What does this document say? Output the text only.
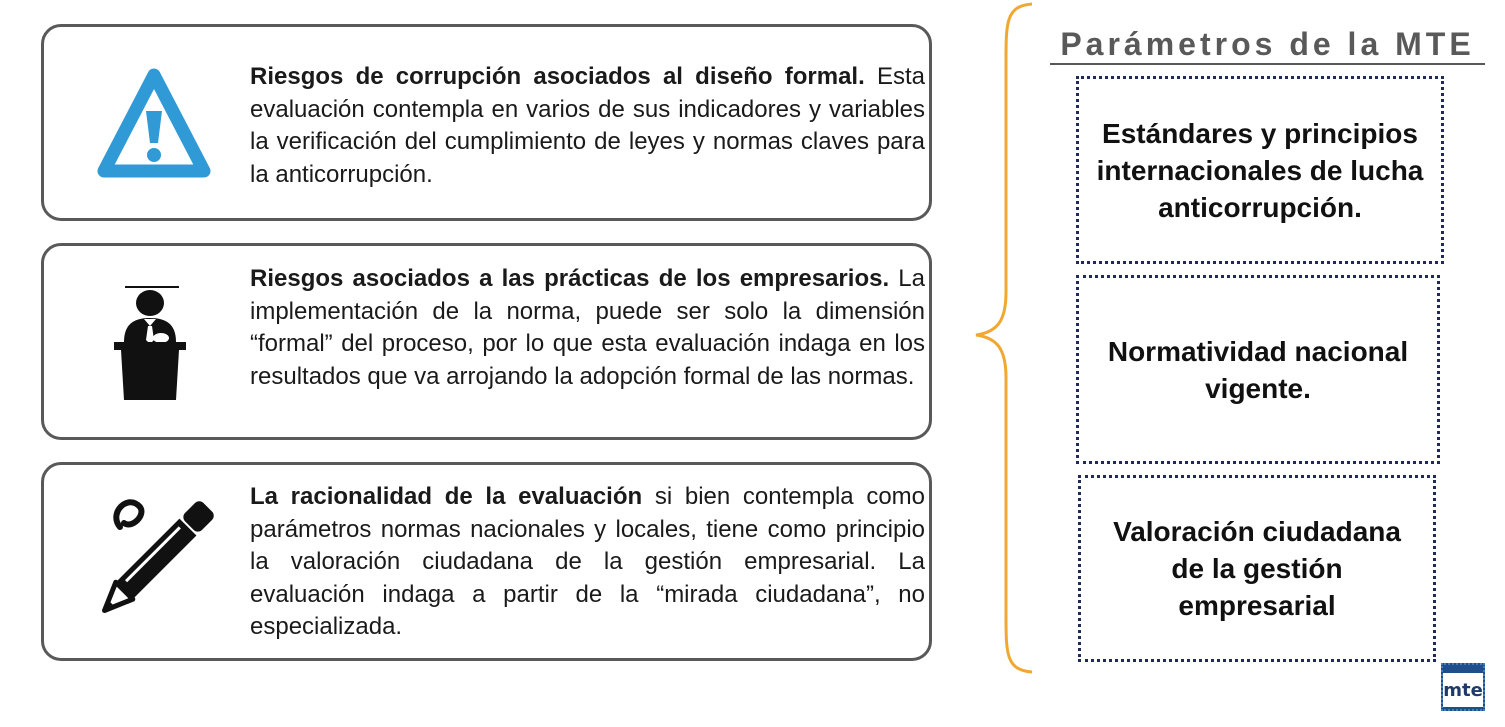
Riesgos de corrupción asociados al diseño formal. Esta evaluación contempla en varios de sus indicadores y variables la verificación del cumplimiento de leyes y normas claves para la anticorrupción.
Riesgos asociados a las prácticas de los empresarios. La implementación de la norma, puede ser solo la dimensión “formal” del proceso, por lo que esta evaluación indaga en los resultados que va arrojando la adopción formal de las normas.
La racionalidad de la evaluación si bien contempla como parámetros normas nacionales y locales, tiene como principio la valoración ciudadana de la gestión empresarial. La evaluación indaga a partir de la “mirada ciudadana”, no especializada.
Parámetros de la MTE
Estándares y principios internacionales de lucha anticorrupción.
Normatividad nacional vigente.
Valoración ciudadana de la gestión empresarial
mte
